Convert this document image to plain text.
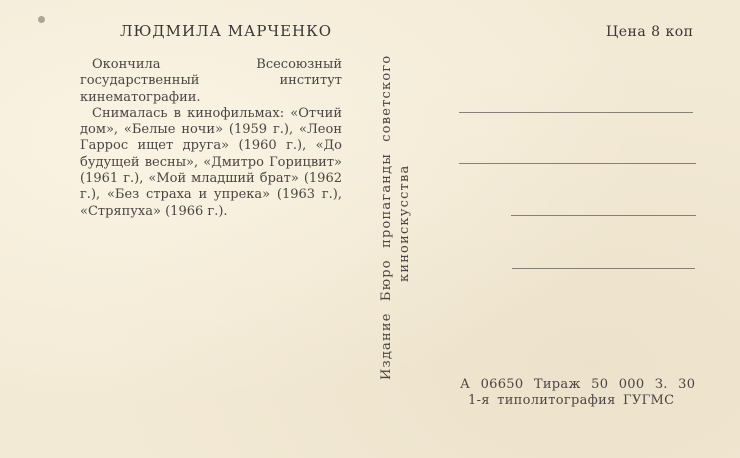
ЛЮДМИЛА МАРЧЕНКО	Цена 8 коп

Окончила Всесоюзный государственный институт кинематографии.

Снималась в кинофильмах: «Отчий дом», «Белые ночи» (1959 г.), «Леон Гаррос ищет друга» (1960 г.), «До будущей весны», «Дмитро Горицвит» (1961 г.), «Мой младший брат» (1962 г.), «Без страха и упрека» (1963 г.), «Стряпуха» (1966 г.).	Издание Бюро пропаганды советского киноискусства
А 06650 Тираж 50 000 З. 30
1-я типолитография ГУГМС
